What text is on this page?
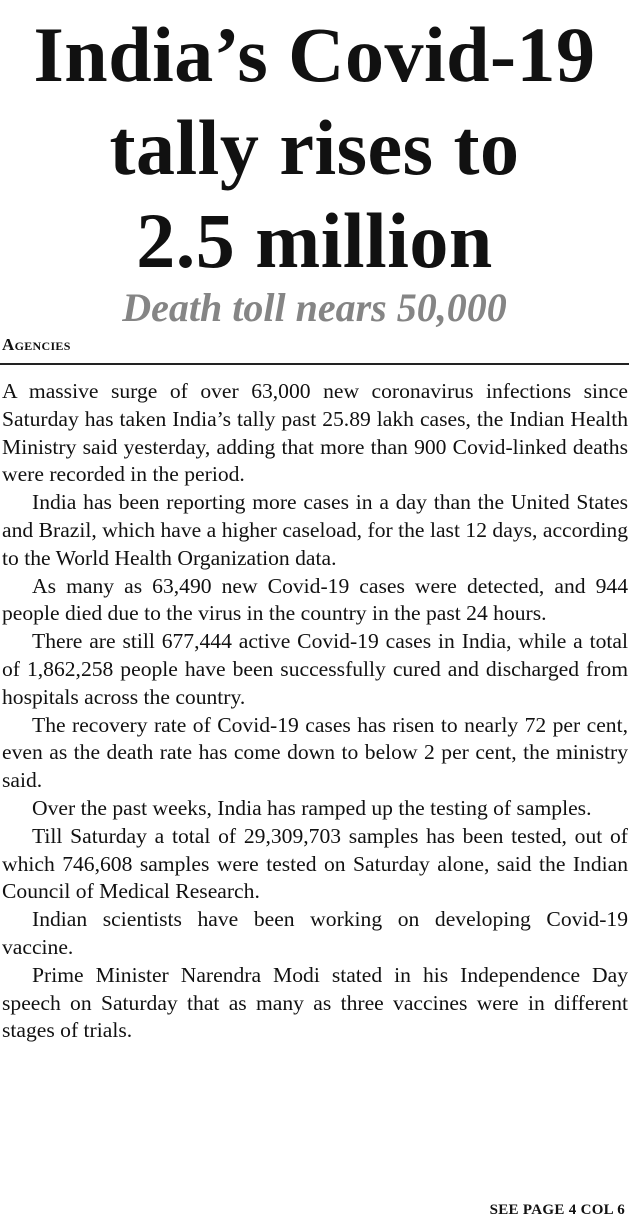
India’s Covid-19
tally rises to
2.5 million
Death toll nears 50,000
Agencies

A massive surge of over 63,000 new coronavirus infections since Saturday has taken India’s tally past 25.89 lakh cases, the Indian Health Ministry said yesterday, adding that more than 900 Covid-linked deaths were recorded in the period.

India has been reporting more cases in a day than the United States and Brazil, which have a higher caseload, for the last 12 days, according to the World Health Organization data.

As many as 63,490 new Covid-19 cases were detected, and 944 people died due to the virus in the country in the past 24 hours.

There are still 677,444 active Covid-19 cases in India, while a total of 1,862,258 people have been successfully cured and discharged from hospitals across the country.

The recovery rate of Covid-19 cases has risen to nearly 72 per cent, even as the death rate has come down to below 2 per cent, the ministry said.

Over the past weeks, India has ramped up the testing of samples.

Till Saturday a total of 29,309,703 samples has been tested, out of which 746,608 samples were tested on Saturday alone, said the Indian Council of Medical Research.

Indian scientists have been working on developing Covid-19 vaccine.

Prime Minister Narendra Modi stated in his Independence Day speech on Saturday that as many as three vaccines were in different stages of trials.

SEE PAGE 4 COL 6
